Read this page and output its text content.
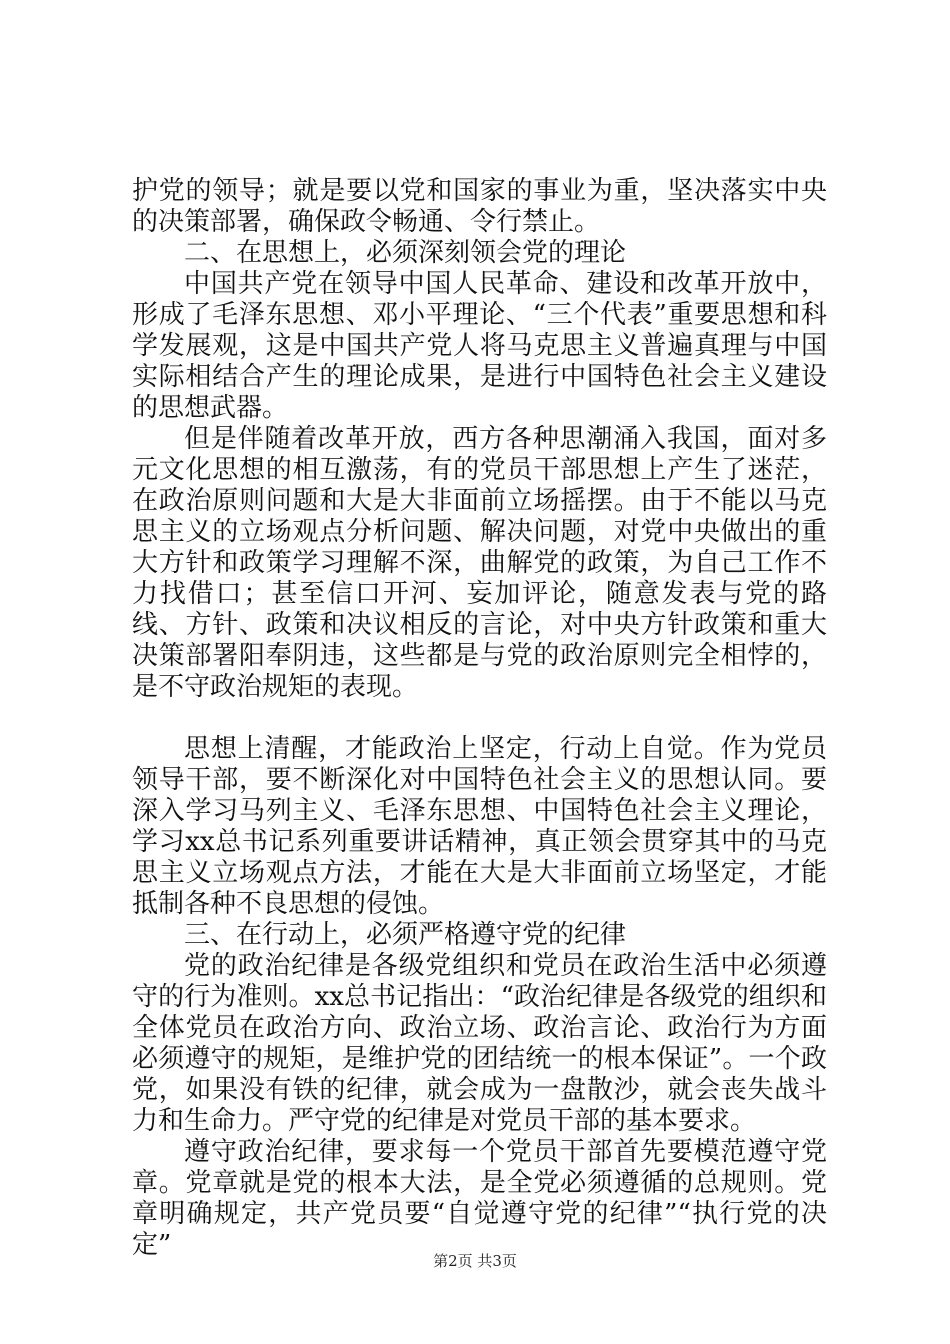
护党的领导；就是要以党和国家的事业为重，坚决落实中央的决策部署，确保政令畅通、令行禁止。

二、在思想上，必须深刻领会党的理论

中国共产党在领导中国人民革命、建设和改革开放中，形成了毛泽东思想、邓小平理论、“三个代表”重要思想和科学发展观，这是中国共产党人将马克思主义普遍真理与中国实际相结合产生的理论成果，是进行中国特色社会主义建设的思想武器。

但是伴随着改革开放，西方各种思潮涌入我国，面对多元文化思想的相互激荡，有的党员干部思想上产生了迷茫，在政治原则问题和大是大非面前立场摇摆。由于不能以马克思主义的立场观点分析问题、解决问题，对党中央做出的重大方针和政策学习理解不深，曲解党的政策，为自己工作不力找借口；甚至信口开河、妄加评论，随意发表与党的路线、方针、政策和决议相反的言论，对中央方针政策和重大决策部署阳奉阴违，这些都是与党的政治原则完全相悖的，是不守政治规矩的表现。

思想上清醒，才能政治上坚定，行动上自觉。作为党员领导干部，要不断深化对中国特色社会主义的思想认同。要深入学习马列主义、毛泽东思想、中国特色社会主义理论，学习xx总书记系列重要讲话精神，真正领会贯穿其中的马克思主义立场观点方法，才能在大是大非面前立场坚定，才能抵制各种不良思想的侵蚀。

三、在行动上，必须严格遵守党的纪律

党的政治纪律是各级党组织和党员在政治生活中必须遵守的行为准则。xx总书记指出：“政治纪律是各级党的组织和全体党员在政治方向、政治立场、政治言论、政治行为方面必须遵守的规矩，是维护党的团结统一的根本保证”。一个政党，如果没有铁的纪律，就会成为一盘散沙，就会丧失战斗力和生命力。严守党的纪律是对党员干部的基本要求。

遵守政治纪律，要求每一个党员干部首先要模范遵守党章。党章就是党的根本大法，是全党必须遵循的总规则。党章明确规定，共产党员要“自觉遵守党的纪律”“执行党的决定”

第2页 共3页
